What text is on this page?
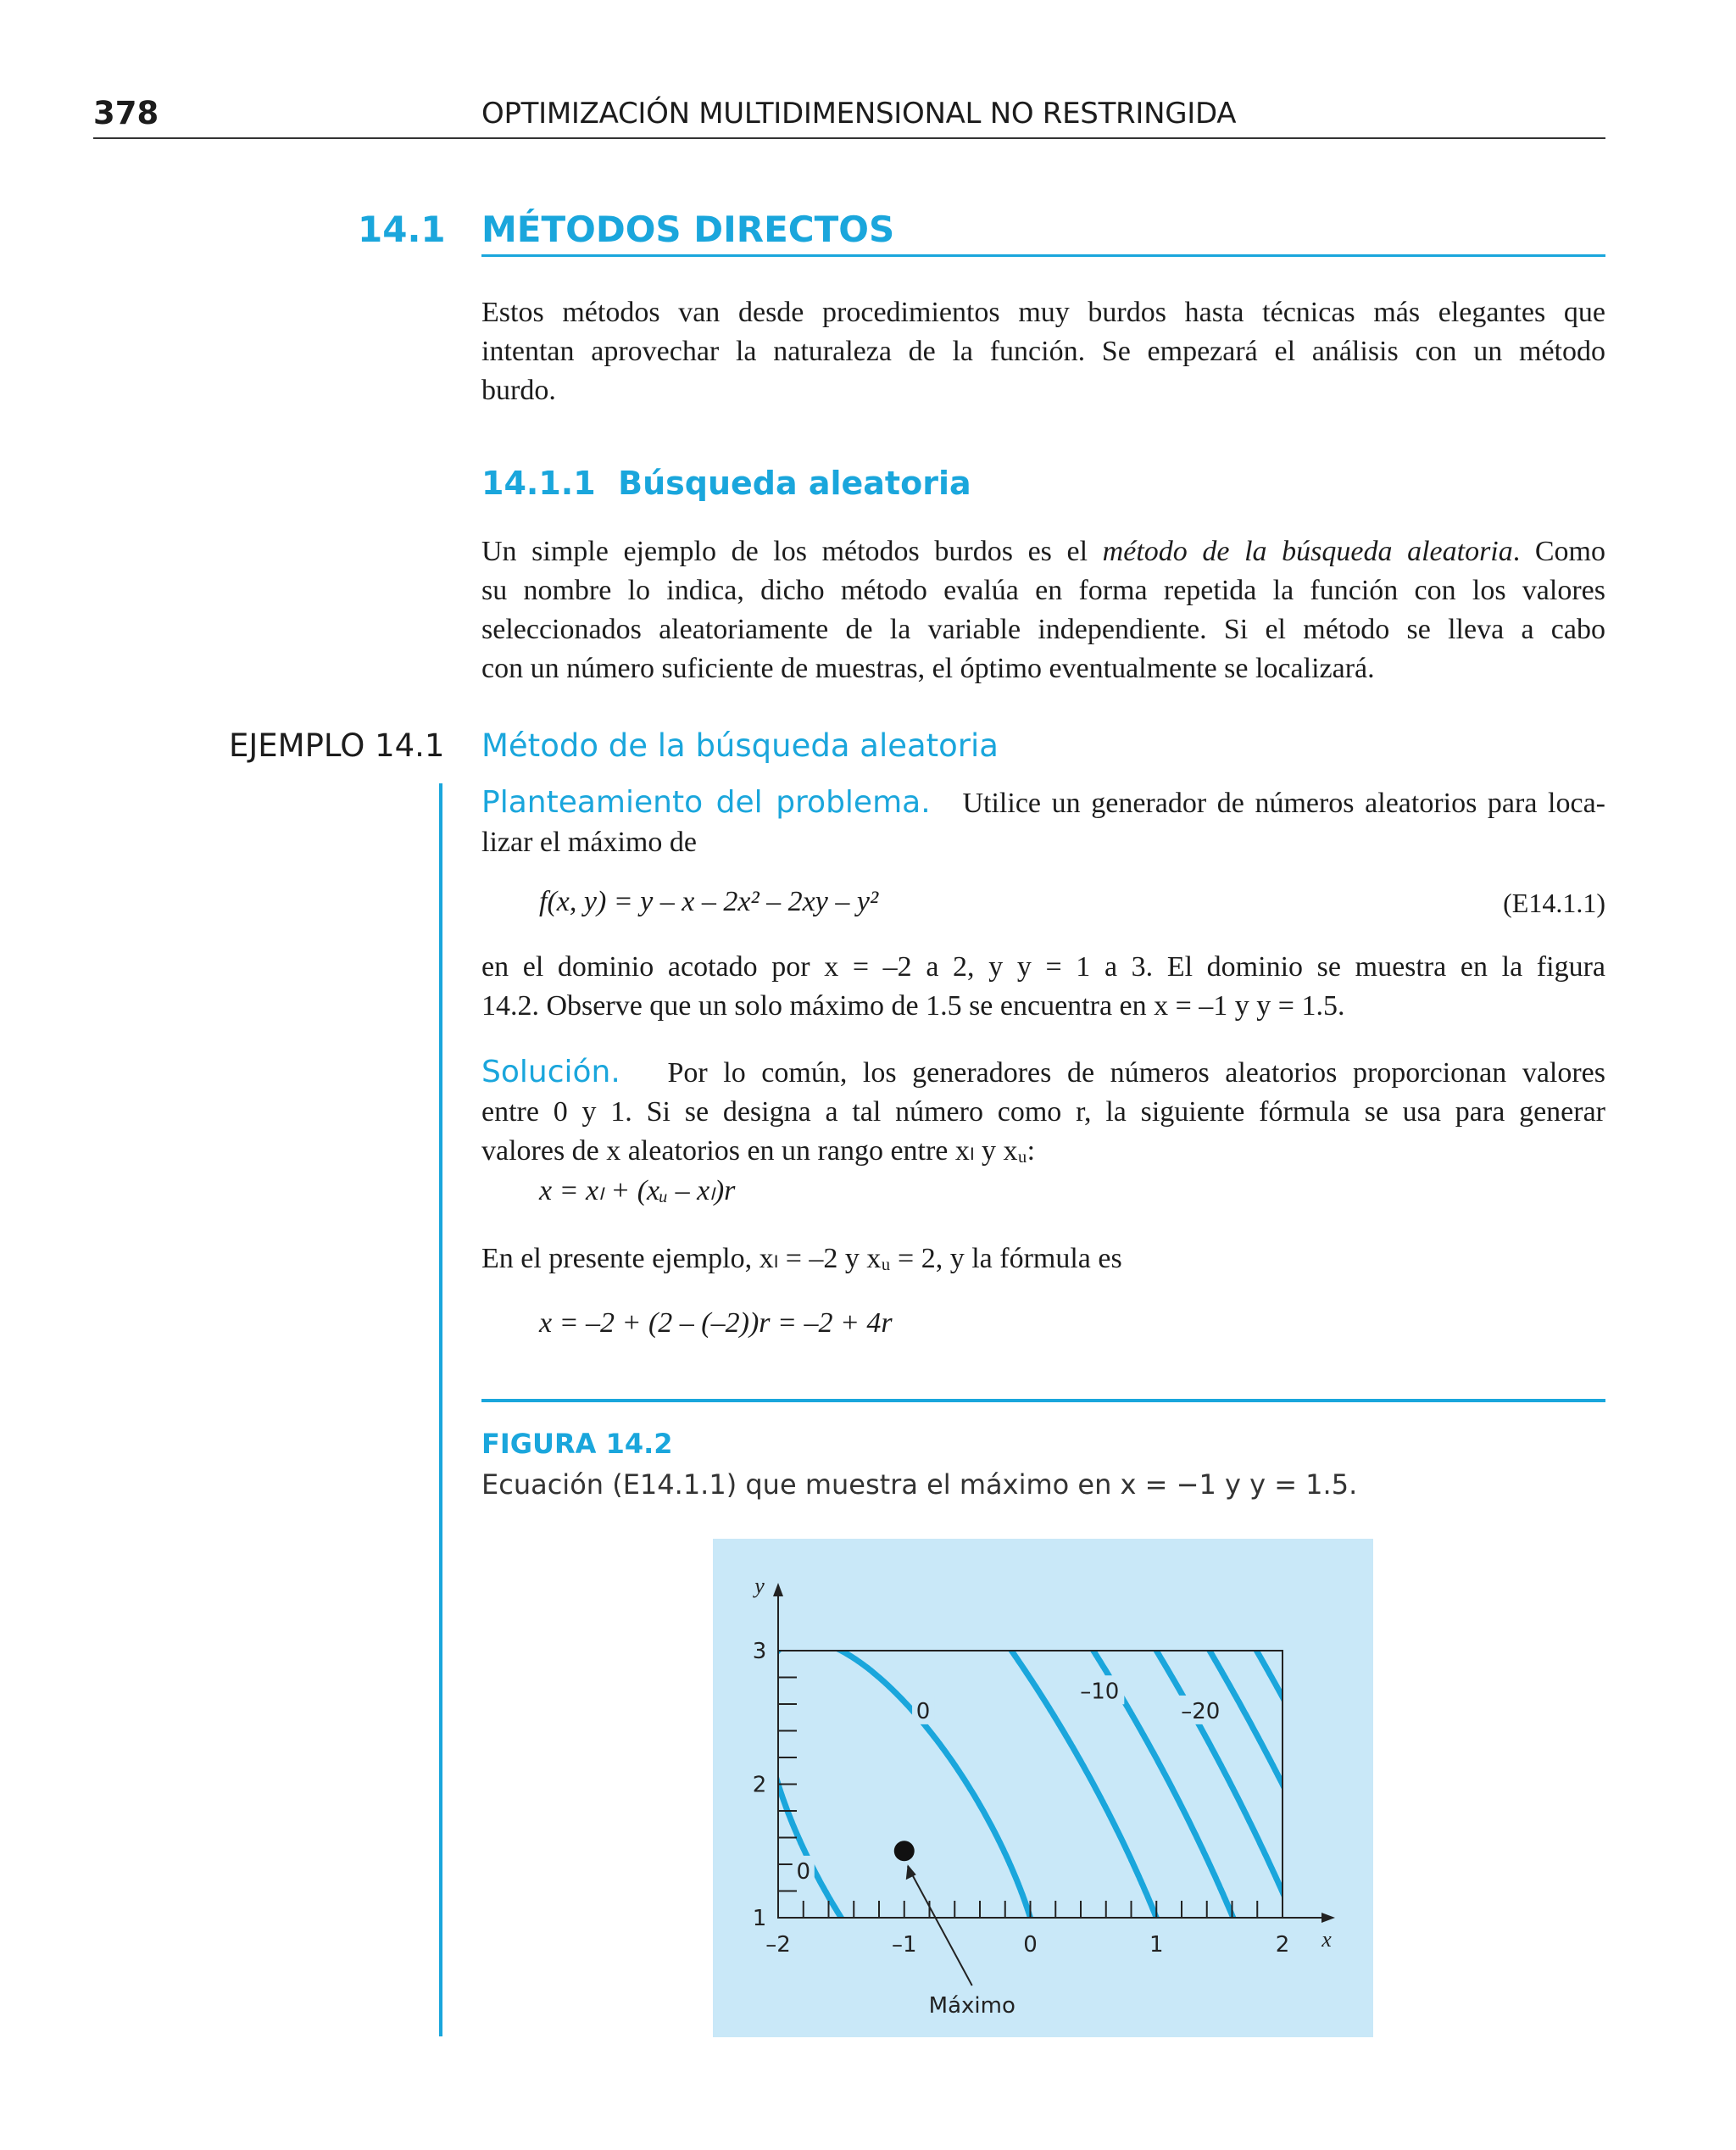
378	OPTIMIZACIÓN MULTIDIMENSIONAL NO RESTRINGIDA
14.1 MÉTODOS DIRECTOS
Estos métodos van desde procedimientos muy burdos hasta técnicas más elegantes que
intentan aprovechar la naturaleza de la función. Se empezará el análisis con un método
burdo.
14.1.1 Búsqueda aleatoria
Un simple ejemplo de los métodos burdos es el método de la búsqueda aleatoria. Como
su nombre lo indica, dicho método evalúa en forma repetida la función con los valores
seleccionados aleatoriamente de la variable independiente. Si el método se lleva a cabo
con un número suficiente de muestras, el óptimo eventualmente se localizará.
EJEMPLO 14.1 Método de la búsqueda aleatoria
Planteamiento del problema. Utilice un generador de números aleatorios para loca-
lizar el máximo de
f(x, y) = y – x – 2x² – 2xy – y²	(E14.1.1)
en el dominio acotado por x = –2 a 2, y y = 1 a 3. El dominio se muestra en la figura
14.2. Observe que un solo máximo de 1.5 se encuentra en x = –1 y y = 1.5.
Solución. Por lo común, los generadores de números aleatorios proporcionan valores
entre 0 y 1. Si se designa a tal número como r, la siguiente fórmula se usa para generar
valores de x aleatorios en un rango entre xₗ y xᵤ:
x = xₗ + (xᵤ – xₗ)r
En el presente ejemplo, xₗ = –2 y xᵤ = 2, y la fórmula es
x = –2 + (2 – (–2))r = –2 + 4r
FIGURA 14.2
Ecuación (E14.1.1) que muestra el máximo en x = −1 y y = 1.5.
–2	–1	0	1	2
1
2
3
x
y
0
0
–10
–20
Máximo
